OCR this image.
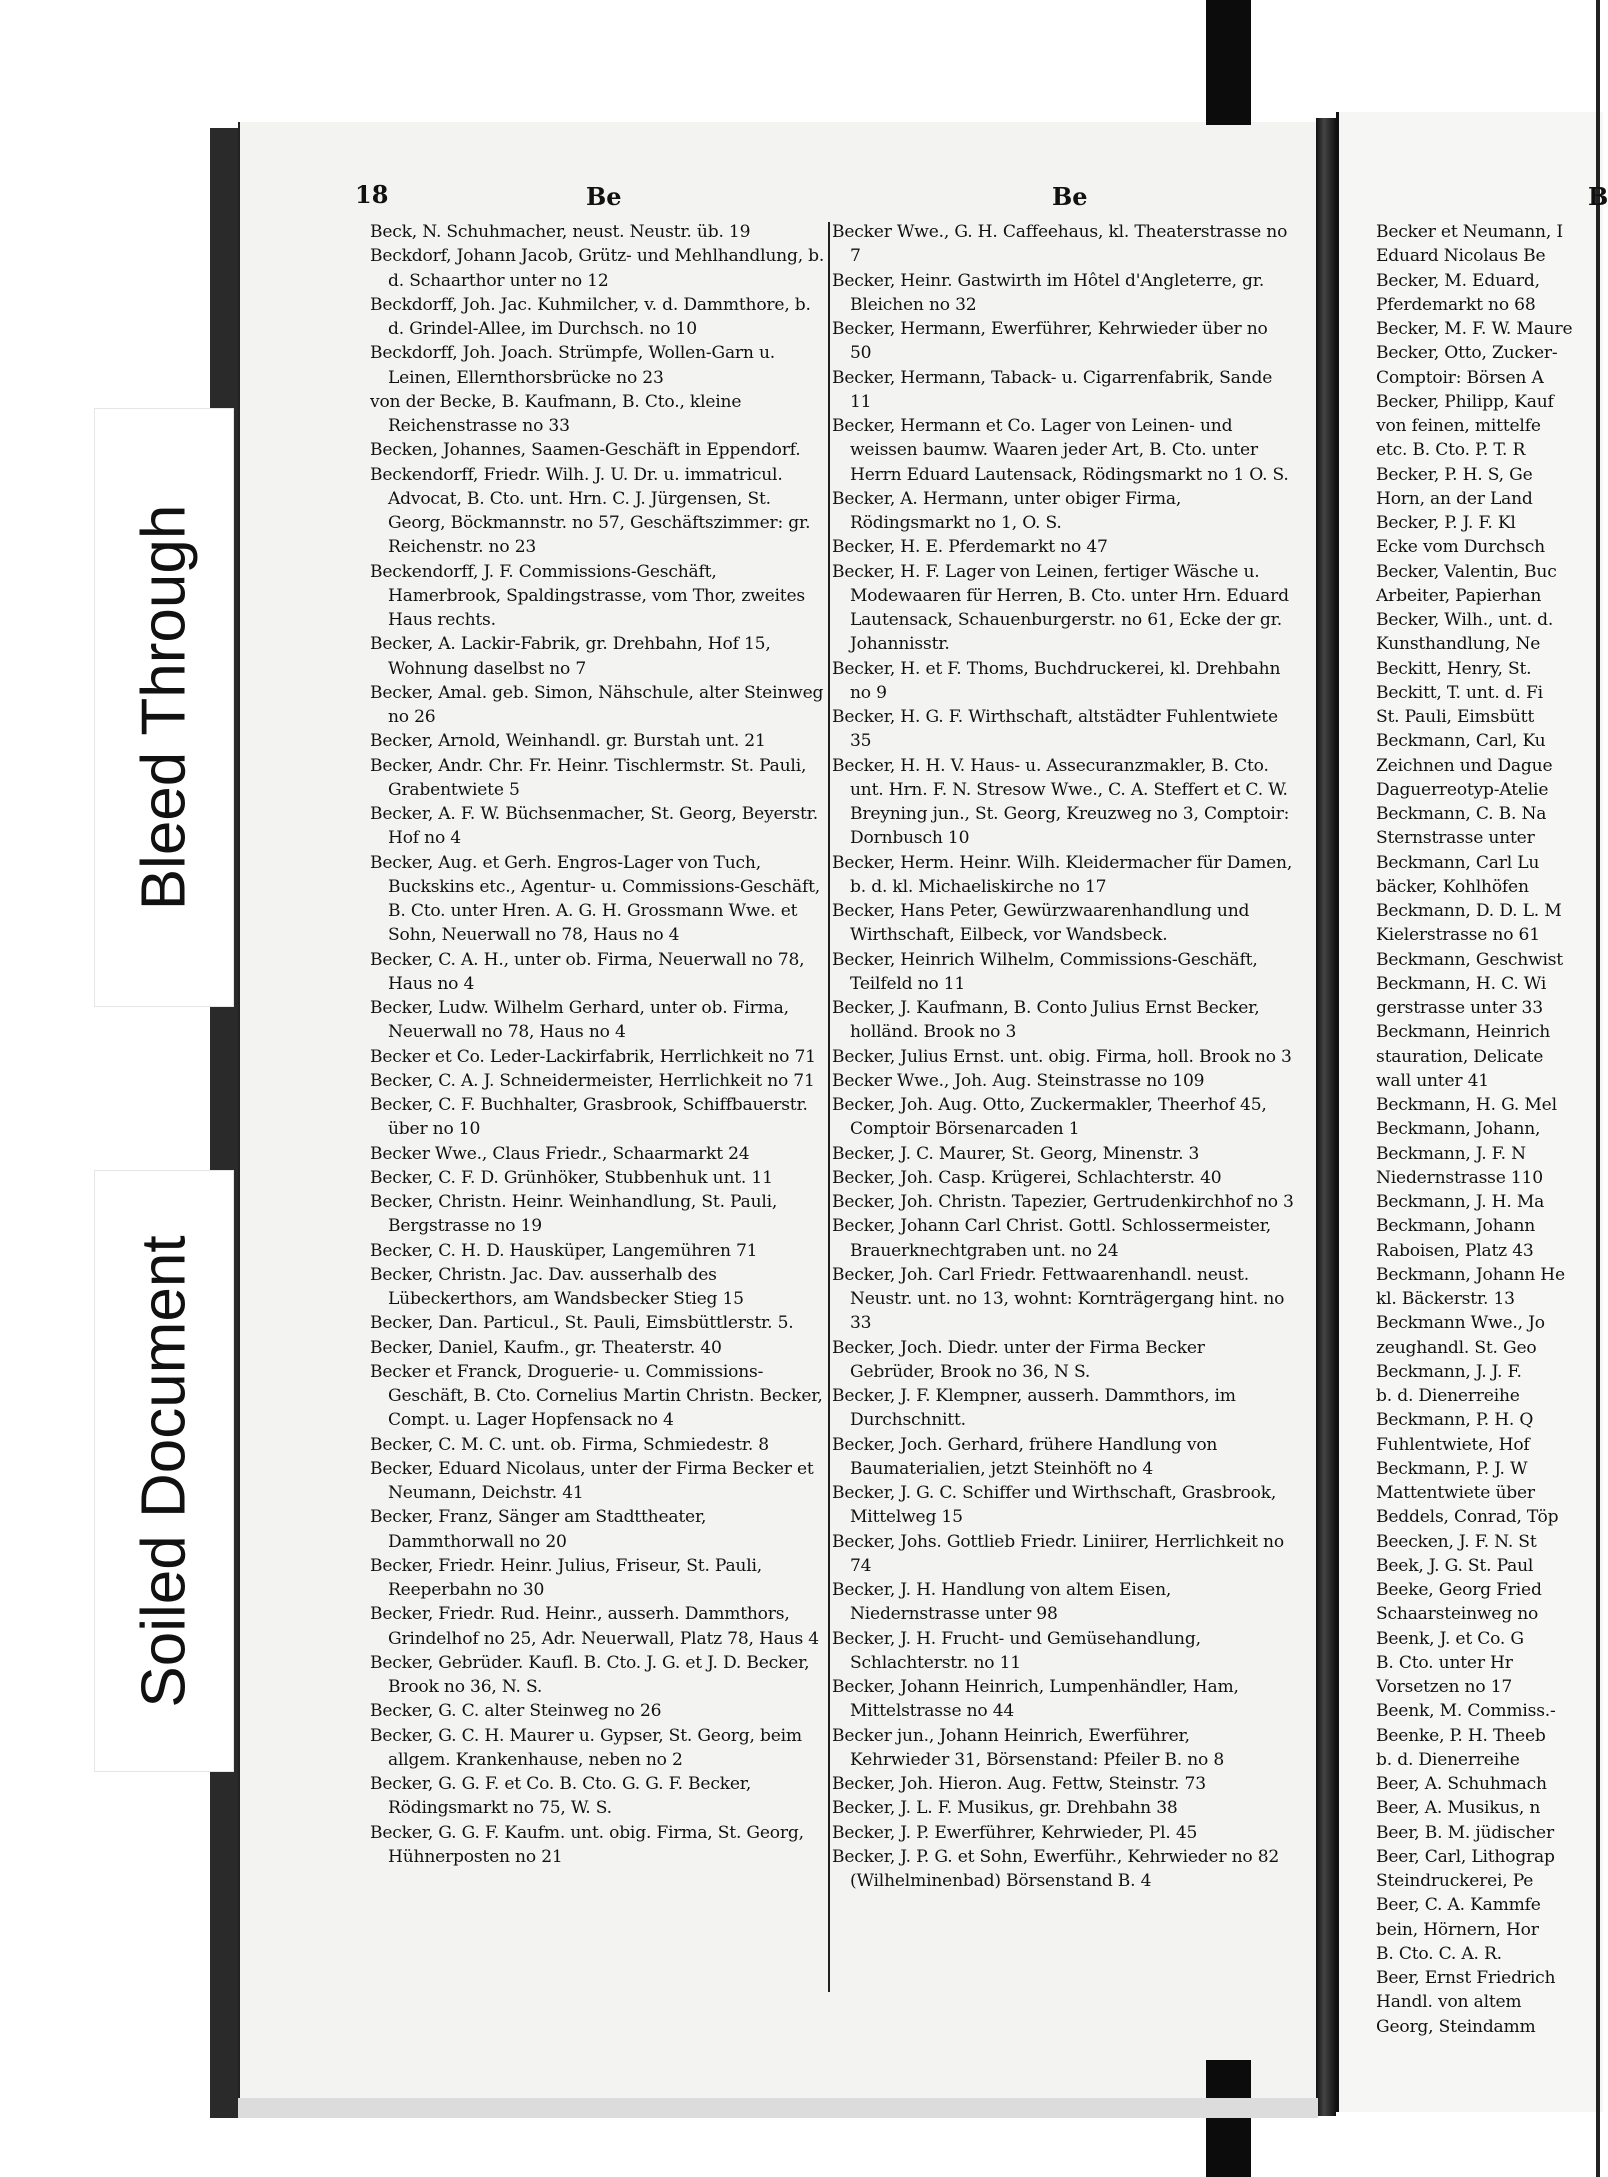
Bleed Through
Soiled Document
18	Be	Be	B
Beck, N. Schuhmacher, neust. Neustr. üb. 19
Beckdorf, Johann Jacob, Grütz- und Mehlhandlung, b. d. Schaarthor unter no 12
Beckdorff, Joh. Jac. Kuhmilcher, v. d. Dammthore, b. d. Grindel-Allee, im Durchsch. no 10
Beckdorff, Joh. Joach. Strümpfe, Wollen-Garn u. Leinen, Ellernthorsbrücke no 23
von der Becke, B. Kaufmann, B. Cto., kleine Reichenstrasse no 33
Becken, Johannes, Saamen-Geschäft in Eppendorf.
Beckendorff, Friedr. Wilh. J. U. Dr. u. immatricul. Advocat, B. Cto. unt. Hrn. C. J. Jürgensen, St. Georg, Böckmannstr. no 57, Geschäftszimmer: gr. Reichenstr. no 23
Beckendorff, J. F. Commissions-Geschäft, Hamerbrook, Spaldingstrasse, vom Thor, zweites Haus rechts.
Becker, A. Lackir-Fabrik, gr. Drehbahn, Hof 15, Wohnung daselbst no 7
Becker, Amal. geb. Simon, Nähschule, alter Steinweg no 26
Becker, Arnold, Weinhandl. gr. Burstah unt. 21
Becker, Andr. Chr. Fr. Heinr. Tischlermstr. St. Pauli, Grabentwiete 5
Becker, A. F. W. Büchsenmacher, St. Georg, Beyerstr. Hof no 4
Becker, Aug. et Gerh. Engros-Lager von Tuch, Buckskins etc., Agentur- u. Commissions-Geschäft, B. Cto. unter Hren. A. G. H. Grossmann Wwe. et Sohn, Neuerwall no 78, Haus no 4
Becker, C. A. H., unter ob. Firma, Neuerwall no 78, Haus no 4
Becker, Ludw. Wilhelm Gerhard, unter ob. Firma, Neuerwall no 78, Haus no 4
Becker et Co. Leder-Lackirfabrik, Herrlichkeit no 71
Becker, C. A. J. Schneidermeister, Herrlichkeit no 71
Becker, C. F. Buchhalter, Grasbrook, Schiffbauerstr. über no 10
Becker Wwe., Claus Friedr., Schaarmarkt 24
Becker, C. F. D. Grünhöker, Stubbenhuk unt. 11
Becker, Christn. Heinr. Weinhandlung, St. Pauli, Bergstrasse no 19
Becker, C. H. D. Hausküper, Langemühren 71
Becker, Christn. Jac. Dav. ausserhalb des Lübeckerthors, am Wandsbecker Stieg 15
Becker, Dan. Particul., St. Pauli, Eimsbüttlerstr. 5.
Becker, Daniel, Kaufm., gr. Theaterstr. 40
Becker et Franck, Droguerie- u. Commissions-Geschäft, B. Cto. Cornelius Martin Christn. Becker, Compt. u. Lager Hopfensack no 4
Becker, C. M. C. unt. ob. Firma, Schmiedestr. 8
Becker, Eduard Nicolaus, unter der Firma Becker et Neumann, Deichstr. 41
Becker, Franz, Sänger am Stadttheater, Dammthorwall no 20
Becker, Friedr. Heinr. Julius, Friseur, St. Pauli, Reeperbahn no 30
Becker, Friedr. Rud. Heinr., ausserh. Dammthors, Grindelhof no 25, Adr. Neuerwall, Platz 78, Haus 4
Becker, Gebrüder. Kaufl. B. Cto. J. G. et J. D. Becker, Brook no 36, N. S.
Becker, G. C. alter Steinweg no 26
Becker, G. C. H. Maurer u. Gypser, St. Georg, beim allgem. Krankenhause, neben no 2
Becker, G. G. F. et Co. B. Cto. G. G. F. Becker, Rödingsmarkt no 75, W. S.
Becker, G. G. F. Kaufm. unt. obig. Firma, St. Georg, Hühnerposten no 21
Becker Wwe., G. H. Caffeehaus, kl. Theaterstrasse no 7
Becker, Heinr. Gastwirth im Hôtel d'Angleterre, gr. Bleichen no 32
Becker, Hermann, Ewerführer, Kehrwieder über no 50
Becker, Hermann, Taback- u. Cigarrenfabrik, Sande 11
Becker, Hermann et Co. Lager von Leinen- und weissen baumw. Waaren jeder Art, B. Cto. unter Herrn Eduard Lautensack, Rödingsmarkt no 1 O. S.
Becker, A. Hermann, unter obiger Firma, Rödingsmarkt no 1, O. S.
Becker, H. E. Pferdemarkt no 47
Becker, H. F. Lager von Leinen, fertiger Wäsche u. Modewaaren für Herren, B. Cto. unter Hrn. Eduard Lautensack, Schauenburgerstr. no 61, Ecke der gr. Johannisstr.
Becker, H. et F. Thoms, Buchdruckerei, kl. Drehbahn no 9
Becker, H. G. F. Wirthschaft, altstädter Fuhlentwiete 35
Becker, H. H. V. Haus- u. Assecuranzmakler, B. Cto. unt. Hrn. F. N. Stresow Wwe., C. A. Steffert et C. W. Breyning jun., St. Georg, Kreuzweg no 3, Comptoir: Dornbusch 10
Becker, Herm. Heinr. Wilh. Kleidermacher für Damen, b. d. kl. Michaeliskirche no 17
Becker, Hans Peter, Gewürzwaarenhandlung und Wirthschaft, Eilbeck, vor Wandsbeck.
Becker, Heinrich Wilhelm, Commissions-Geschäft, Teilfeld no 11
Becker, J. Kaufmann, B. Conto Julius Ernst Becker, holländ. Brook no 3
Becker, Julius Ernst. unt. obig. Firma, holl. Brook no 3
Becker Wwe., Joh. Aug. Steinstrasse no 109
Becker, Joh. Aug. Otto, Zuckermakler, Theerhof 45, Comptoir Börsenarcaden 1
Becker, J. C. Maurer, St. Georg, Minenstr. 3
Becker, Joh. Casp. Krügerei, Schlachterstr. 40
Becker, Joh. Christn. Tapezier, Gertrudenkirchhof no 3
Becker, Johann Carl Christ. Gottl. Schlossermeister, Brauerknechtgraben unt. no 24
Becker, Joh. Carl Friedr. Fettwaarenhandl. neust. Neustr. unt. no 13, wohnt: Kornträgergang hint. no 33
Becker, Joch. Diedr. unter der Firma Becker Gebrüder, Brook no 36, N S.
Becker, J. F. Klempner, ausserh. Dammthors, im Durchschnitt.
Becker, Joch. Gerhard, frühere Handlung von Baumaterialien, jetzt Steinhöft no 4
Becker, J. G. C. Schiffer und Wirthschaft, Grasbrook, Mittelweg 15
Becker, Johs. Gottlieb Friedr. Liniirer, Herrlichkeit no 74
Becker, J. H. Handlung von altem Eisen, Niedernstrasse unter 98
Becker, J. H. Frucht- und Gemüsehandlung, Schlachterstr. no 11
Becker, Johann Heinrich, Lumpenhändler, Ham, Mittelstrasse no 44
Becker jun., Johann Heinrich, Ewerführer, Kehrwieder 31, Börsenstand: Pfeiler B. no 8
Becker, Joh. Hieron. Aug. Fettw, Steinstr. 73
Becker, J. L. F. Musikus, gr. Drehbahn 38
Becker, J. P. Ewerführer, Kehrwieder, Pl. 45
Becker, J. P. G. et Sohn, Ewerführ., Kehrwieder no 82 (Wilhelminenbad) Börsenstand B. 4
Becker et Neumann, I
Eduard Nicolaus Be
Becker, M. Eduard,
Pferdemarkt no 68
Becker, M. F. W. Maure
Becker, Otto, Zucker-
Comptoir: Börsen A
Becker, Philipp, Kauf
von feinen, mittelfe
etc. B. Cto. P. T. R
Becker, P. H. S, Ge
Horn, an der Land
Becker, P. J. F. Kl
Ecke vom Durchsch
Becker, Valentin, Buc
Arbeiter, Papierhan
Becker, Wilh., unt. d.
Kunsthandlung, Ne
Beckitt, Henry, St.
Beckitt, T. unt. d. Fi
St. Pauli, Eimsbütt
Beckmann, Carl, Ku
Zeichnen und Dague
Daguerreotyp-Atelie
Beckmann, C. B. Na
Sternstrasse unter
Beckmann, Carl Lu
bäcker, Kohlhöfen
Beckmann, D. D. L. M
Kielerstrasse no 61
Beckmann, Geschwist
Beckmann, H. C. Wi
gerstrasse unter 33
Beckmann, Heinrich
stauration, Delicate
wall unter 41
Beckmann, H. G. Mel
Beckmann, Johann,
Beckmann, J. F. N
Niedernstrasse 110
Beckmann, J. H. Ma
Beckmann, Johann
Raboisen, Platz 43
Beckmann, Johann He
kl. Bäckerstr. 13
Beckmann Wwe., Jo
zeughandl. St. Geo
Beckmann, J. J. F.
b. d. Dienerreihe
Beckmann, P. H. Q
Fuhlentwiete, Hof
Beckmann, P. J. W
Mattentwiete über
Beddels, Conrad, Töp
Beecken, J. F. N. St
Beek, J. G. St. Paul
Beeke, Georg Fried
Schaarsteinweg no
Beenk, J. et Co. G
B. Cto. unter Hr
Vorsetzen no 17
Beenk, M. Commiss.-
Beenke, P. H. Theeb
b. d. Dienerreihe
Beer, A. Schuhmach
Beer, A. Musikus, n
Beer, B. M. jüdischer
Beer, Carl, Lithograp
Steindruckerei, Pe
Beer, C. A. Kammfe
bein, Hörnern, Hor
B. Cto. C. A. R.
Beer, Ernst Friedrich
Handl. von altem
Georg, Steindamm
